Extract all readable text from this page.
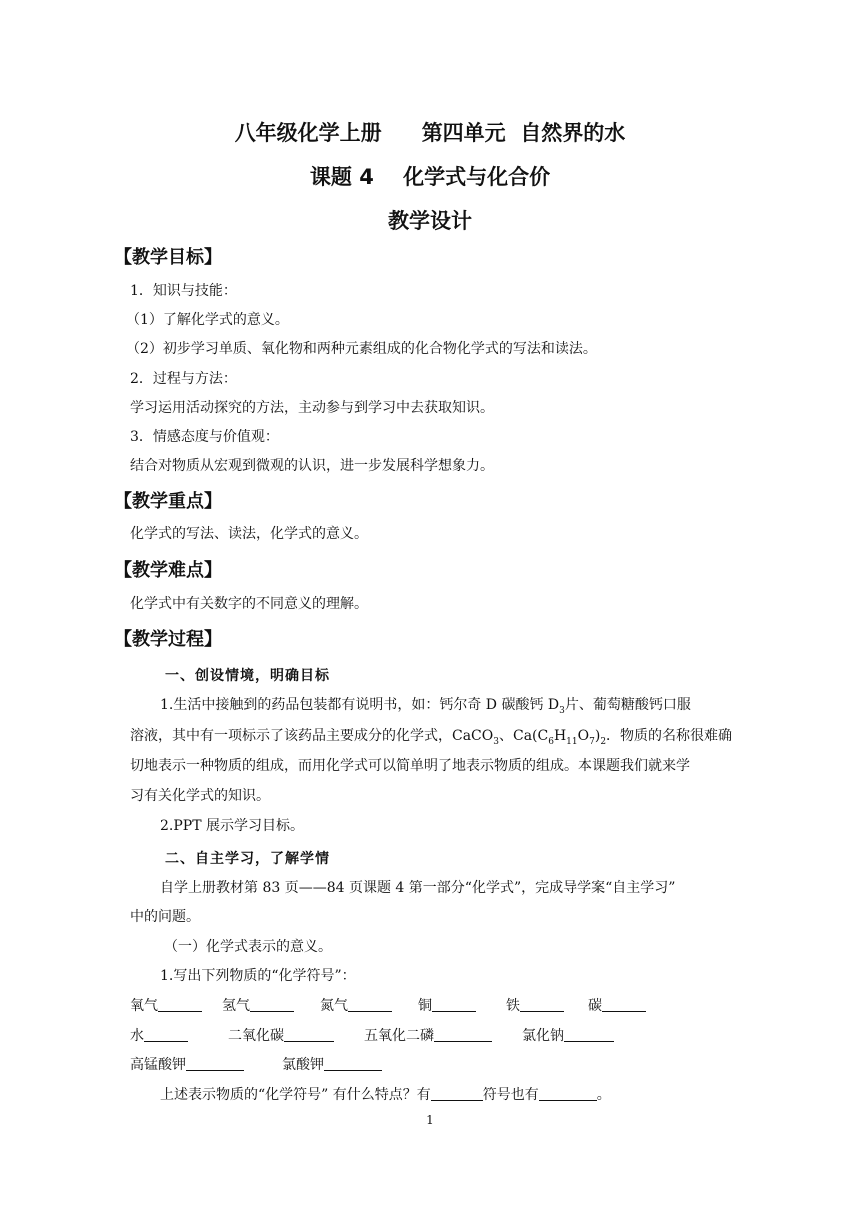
八年级化学上册 第四单元  自然界的水
课题 4    化学式与化合价
教学设计
【教学目标】
1．知识与技能：
（1）了解化学式的意义。
（2）初步学习单质、氧化物和两种元素组成的化合物化学式的写法和读法。
2．过程与方法：
学习运用活动探究的方法，主动参与到学习中去获取知识。
3．情感态度与价值观：
结合对物质从宏观到微观的认识，进一步发展科学想象力。
【教学重点】
化学式的写法、读法，化学式的意义。
【教学难点】
化学式中有关数字的不同意义的理解。
【教学过程】
一、创设情境，明确目标
1.生活中接触到的药品包装都有说明书，如：钙尔奇 D 碳酸钙 $D_3$片、葡萄糖酸钙口服
溶液，其中有一项标示了该药品主要成分的化学式，CaCO$_3$、$Ca(C_6H_{11}O_7)_2$．物质的名称很难确
切地表示一种物质的组成，而用化学式可以简单明了地表示物质的组成。本课题我们就来学
习有关化学式的知识。
2.PPT 展示学习目标。
二、自主学习，了解学情
自学上册教材第 83 页——84 页课题 4 第一部分“化学式”，完成导学案“自主学习”
中的问题。
（一）化学式表示的意义。
1.写出下列物质的“化学符号”：
氧气	氢气	氮气	铜	铁	碳
水	二氧化碳	五氧化二磷	氯化钠
高锰酸钾	氯酸钾
上述表示物质的“化学符号” 有什么特点？有	符号也有	。
1
